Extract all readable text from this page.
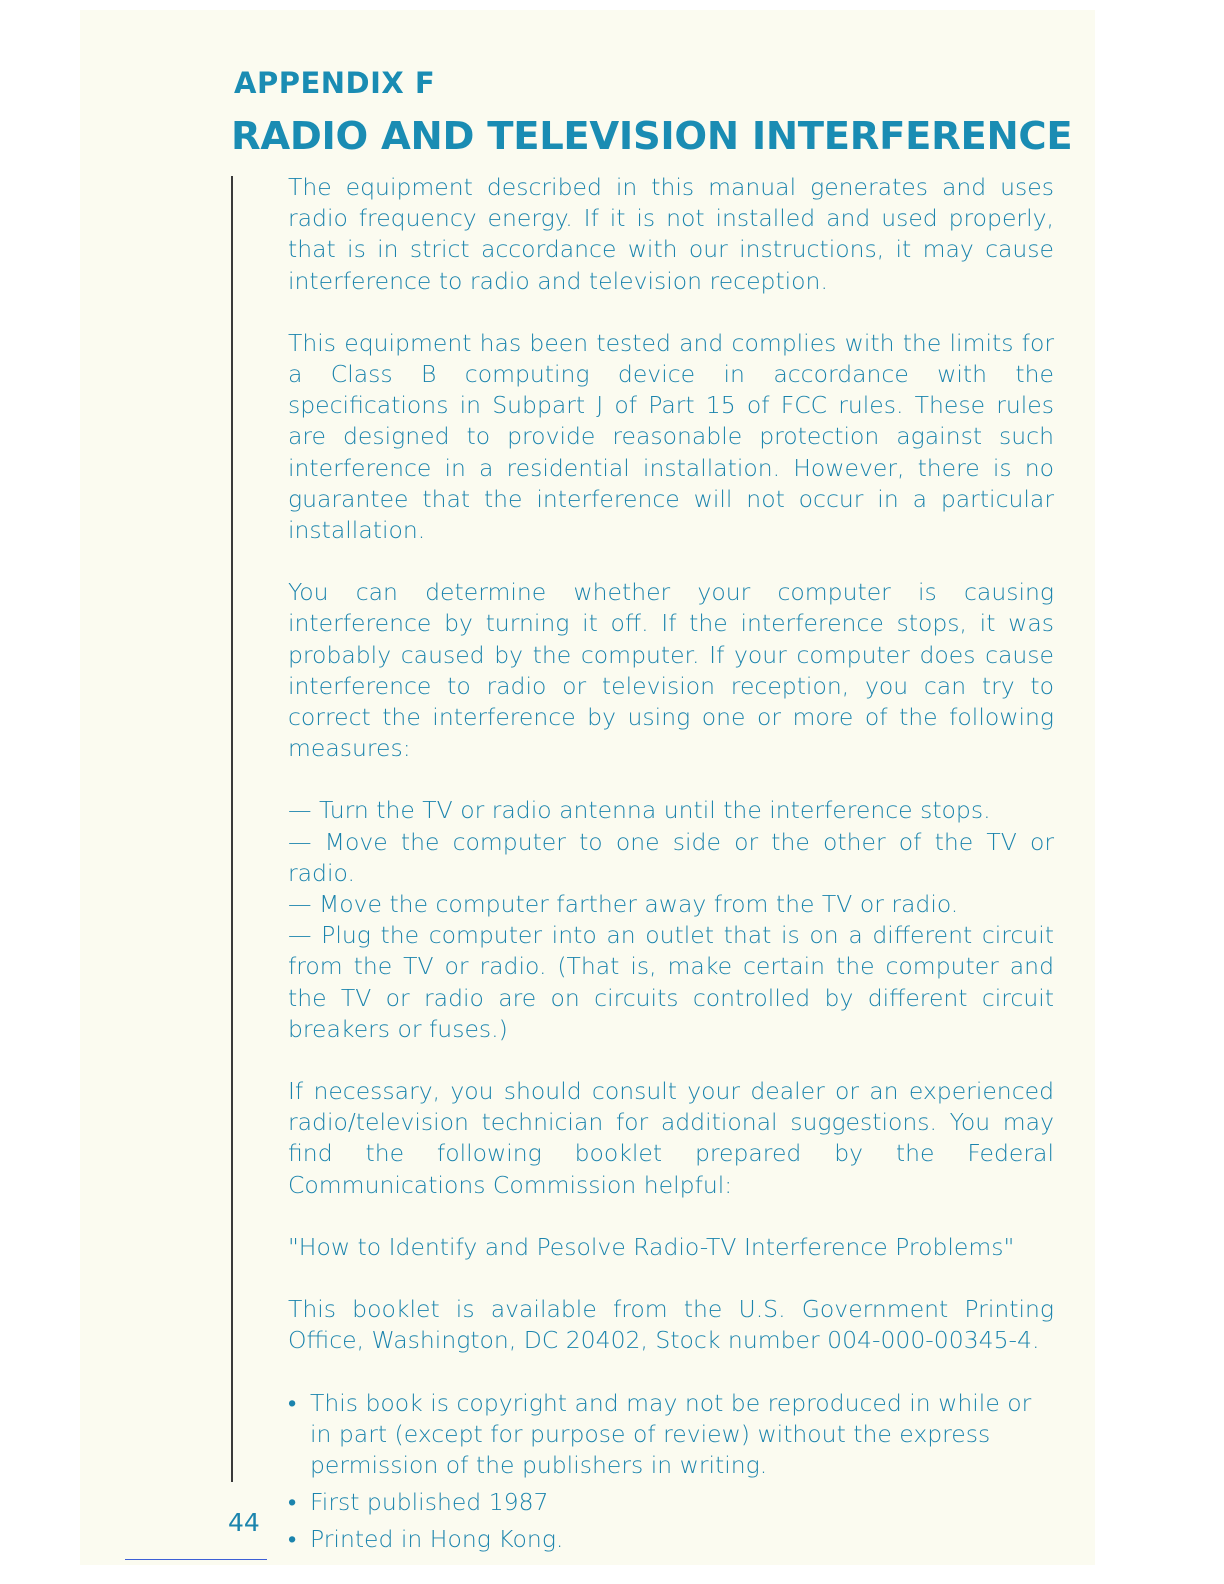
APPENDIX F
RADIO AND TELEVISION INTERFERENCE

The equipment described in this manual generates and uses radio frequency energy. If it is not installed and used properly, that is in strict accordance with our instructions, it may cause interference to radio and television reception.

This equipment has been tested and complies with the limits for a Class B computing device in accordance with the specifications in Subpart J of Part 15 of FCC rules. These rules are designed to provide reasonable protection against such interference in a residential installation. However, there is no guarantee that the interference will not occur in a particular installation.

You can determine whether your computer is causing interference by turning it off. If the interference stops, it was probably caused by the computer. If your computer does cause interference to radio or television reception, you can try to correct the interference by using one or more of the following measures:

— Turn the TV or radio antenna until the interference stops.
— Move the computer to one side or the other of the TV or radio.
— Move the computer farther away from the TV or radio.
— Plug the computer into an outlet that is on a different circuit from the TV or radio. (That is, make certain the computer and the TV or radio are on circuits controlled by different circuit breakers or fuses.)

If necessary, you should consult your dealer or an experienced radio/television technician for additional suggestions. You may find the following booklet prepared by the Federal Communications Commission helpful:

"How to Identify and Pesolve Radio-TV Interference Problems"

This booklet is available from the U.S. Government Printing Office, Washington, DC 20402, Stock number 004-000-00345-4.

• This book is copyright and may not be reproduced in while or in part (except for purpose of review) without the express permission of the publishers in writing.
• First published 1987
• Printed in Hong Kong.
44
